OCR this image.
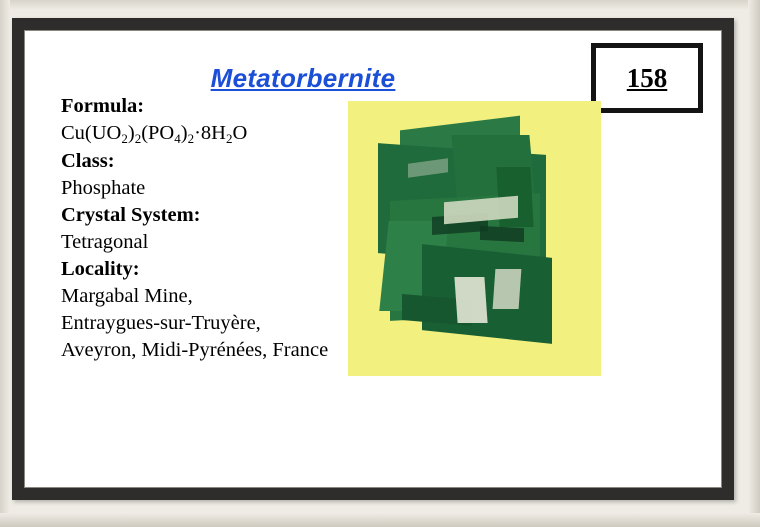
Metatorbernite	158
Formula:
$Cu(UO_2)_2(PO_4)_2\cdot 8H_2O$
Class:
Phosphate
Crystal System:
Tetragonal
Locality:
Margabal Mine,
Entraygues-sur-Truyère,
Aveyron, Midi-Pyrénées, France
